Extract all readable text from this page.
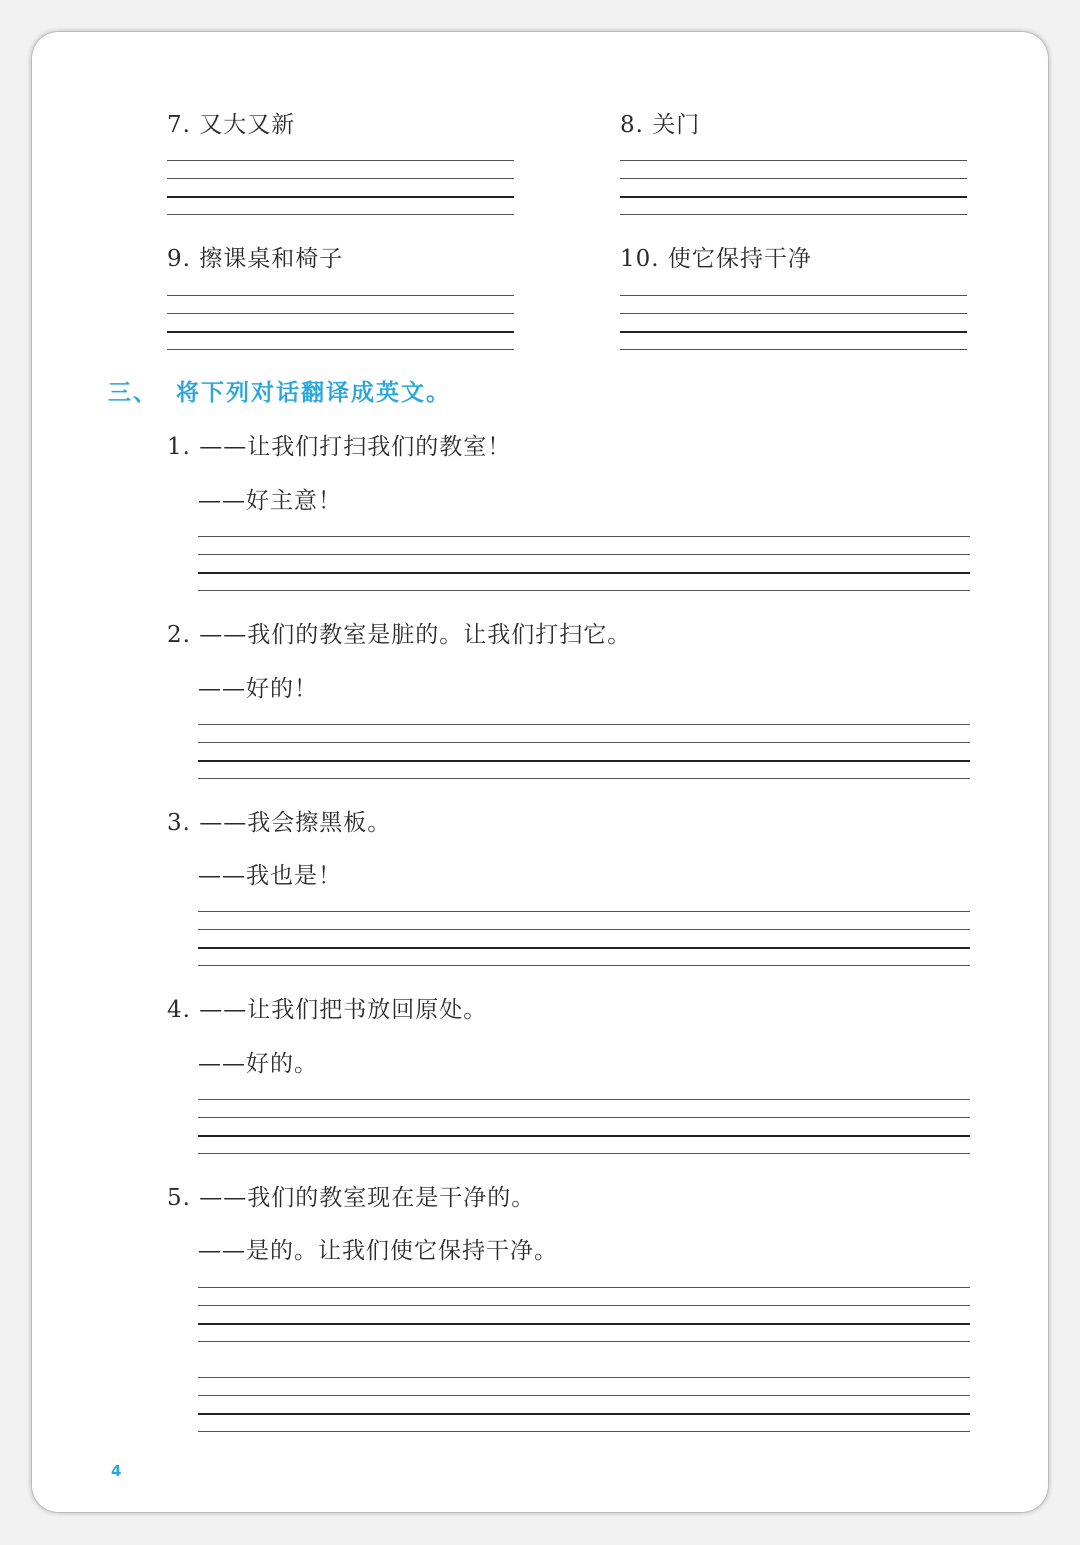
7. 又大又新	8. 关门
9. 擦课桌和椅子	10. 使它保持干净
三、 将下列对话翻译成英文。
1. ——让我们打扫我们的教室！
——好主意！
2. ——我们的教室是脏的。让我们打扫它。
——好的！
3. ——我会擦黑板。
——我也是！
4. ——让我们把书放回原处。
——好的。
5. ——我们的教室现在是干净的。
——是的。让我们使它保持干净。
4
